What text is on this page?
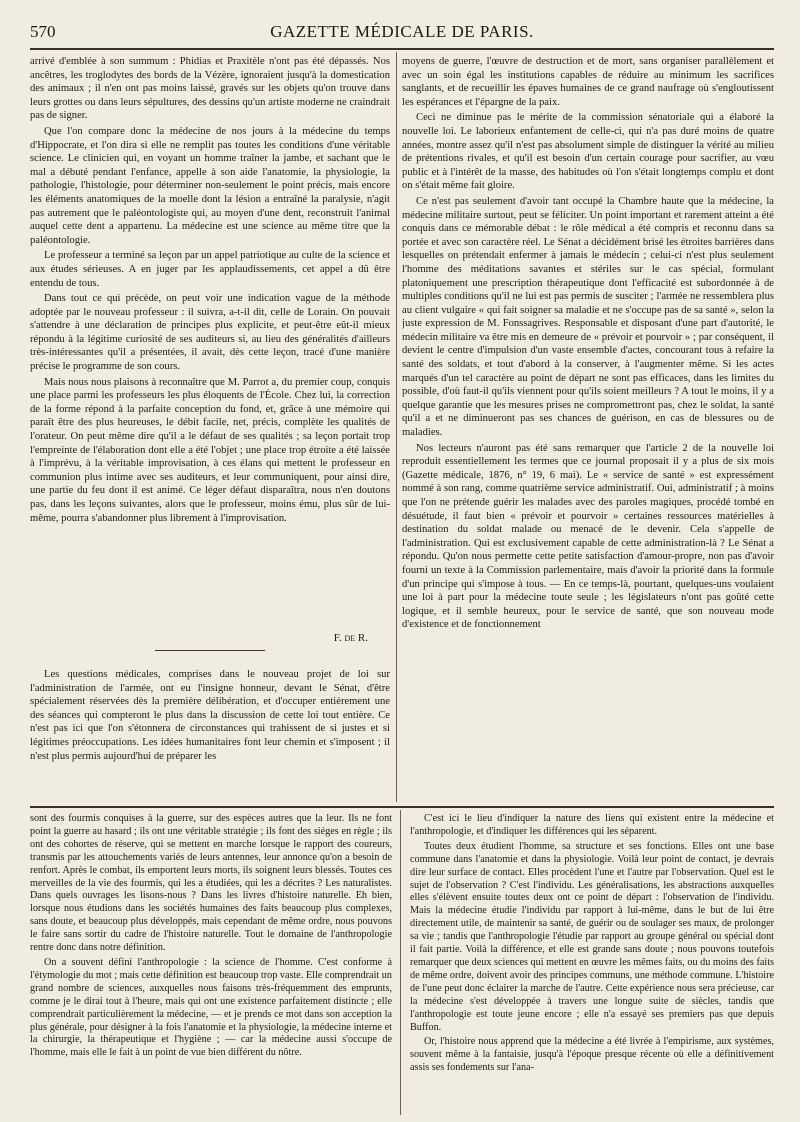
570	GAZETTE MÉDICALE DE PARIS.

arrivé d'emblée à son summum : Phidias et Praxitèle n'ont pas été dépassés. Nos ancêtres, les troglodytes des bords de la Vézère, ignoraient jusqu'à la domestication des animaux ; il n'en ont pas moins laissé, gravés sur les objets qu'on trouve dans leurs grottes ou dans leurs sépultures, des dessins qu'un artiste moderne ne craindrait pas de signer.

Que l'on compare donc la médecine de nos jours à la médecine du temps d'Hippocrate, et l'on dira si elle ne remplit pas toutes les conditions d'une véritable science. Le clinicien qui, en voyant un homme traîner la jambe, et sachant que le mal a débuté pendant l'enfance, appelle à son aide l'anatomie, la physiologie, la pathologie, l'histologie, pour déterminer non-seulement le point précis, mais encore les éléments anatomiques de la moelle dont la lésion a entraîné la paralysie, n'agit pas autrement que le paléontologiste qui, au moyen d'une dent, reconstruit l'animal auquel cette dent a appartenu. La médecine est une science au même titre que la paléontologie.

Le professeur a terminé sa leçon par un appel patriotique au culte de la science et aux études sérieuses. A en juger par les applaudissements, cet appel a dû être entendu de tous.

Dans tout ce qui précède, on peut voir une indication vague de la méthode adoptée par le nouveau professeur : il suivra, a-t-il dit, celle de Lorain. On pouvait s'attendre à une déclaration de principes plus explicite, et peut-être eût-il mieux répondu à la légitime curiosité de ses auditeurs si, au lieu des généralités d'ailleurs très-intéressantes qu'il a présentées, il avait, dès cette leçon, tracé d'une manière précise le programme de son cours.

Mais nous nous plaisons à reconnaître que M. Parrot a, du premier coup, conquis une place parmi les professeurs les plus éloquents de l'École. Chez lui, la correction de la forme répond à la parfaite conception du fond, et, grâce à une mémoire qui paraît être des plus heureuses, le débit facile, net, précis, complète les qualités de l'orateur. On peut même dire qu'il a le défaut de ses qualités ; sa leçon portait trop l'empreinte de l'élaboration dont elle a été l'objet ; une place trop étroite a été laissée à l'imprévu, à la véritable improvisation, à ces élans qui mettent le professeur en communion plus intime avec ses auditeurs, et leur communiquent, pour ainsi dire, une partie du feu dont il est animé. Ce léger défaut disparaîtra, nous n'en doutons pas, dans les leçons suivantes, alors que le professeur, moins ému, plus sûr de lui-même, pourra s'abandonner plus librement à l'improvisation.

F. de R.

Les questions médicales, comprises dans le nouveau projet de loi sur l'administration de l'armée, ont eu l'insigne honneur, devant le Sénat, d'être spécialement réservées dès la première délibération, et d'occuper entièrement une des séances qui compteront le plus dans la discussion de cette loi tout entière. Ce n'est pas ici que l'on s'étonnera de circonstances qui trahissent de si justes et si légitimes préoccupations. Les idées humanitaires font leur chemin et s'imposent ; il n'est plus permis aujourd'hui de préparer les

moyens de guerre, l'œuvre de destruction et de mort, sans organiser parallèlement et avec un soin égal les institutions capables de réduire au minimum les sacrifices sanglants, et de recueillir les épaves humaines de ce grand naufrage où s'engloutissent les espérances et l'épargne de la paix.

Ceci ne diminue pas le mérite de la commission sénatoriale qui a élaboré la nouvelle loi. Le laborieux enfantement de celle-ci, qui n'a pas duré moins de quatre années, montre assez qu'il n'est pas absolument simple de distinguer la vérité au milieu de prétentions rivales, et qu'il est besoin d'un certain courage pour sacrifier, au vœu public et à l'intérêt de la masse, des habitudes où l'on s'était longtemps complu et dont on s'était même fait gloire.

Ce n'est pas seulement d'avoir tant occupé la Chambre haute que la médecine, la médecine militaire surtout, peut se féliciter. Un point important et rarement atteint a été conquis dans ce mémorable débat : le rôle médical a été compris et reconnu dans sa portée et avec son caractère réel. Le Sénat a décidément brisé les étroites barrières dans lesquelles on prétendait enfermer à jamais le médecin ; celui-ci n'est plus seulement l'homme des méditations savantes et stériles sur le cas spécial, formulant platoniquement une prescription thérapeutique dont l'efficacité est subordonnée à de multiples conditions qu'il ne lui est pas permis de susciter ; l'armée ne ressemblera plus au client vulgaire « qui fait soigner sa maladie et ne s'occupe pas de sa santé », selon la juste expression de M. Fonssagrives. Responsable et disposant d'une part d'autorité, le médecin militaire va être mis en demeure de « prévoir et pourvoir » ; par conséquent, il devient le centre d'impulsion d'un vaste ensemble d'actes, concourant tous à refaire la santé des soldats, et tout d'abord à la conserver, à l'augmenter même. Si les actes marqués d'un tel caractère au point de départ ne sont pas efficaces, dans les limites du possible, d'où faut-il qu'ils viennent pour qu'ils soient meilleurs ? A tout le moins, il y a quelque garantie que les mesures prises ne compromettront pas, chez le soldat, la santé qu'il a et ne diminueront pas ses chances de guérison, en cas de blessures ou de maladies.

Nos lecteurs n'auront pas été sans remarquer que l'article 2 de la nouvelle loi reproduit essentiellement les termes que ce journal proposait il y a plus de six mois (Gazette médicale, 1876, n° 19, 6 mai). Le « service de santé » est expressément nommé à son rang, comme quatrième service administratif. Oui, administratif ; à moins que l'on ne prétende guérir les malades avec des paroles magiques, procédé tombé en désuétude, il faut bien « prévoir et pourvoir » certaines ressources matérielles à destination du soldat malade ou menacé de le devenir. Cela s'appelle de l'administration. Qui est exclusivement capable de cette administration-là ? Le Sénat a répondu. Qu'on nous permette cette petite satisfaction d'amour-propre, non pas d'avoir fourni un texte à la Commission parlementaire, mais d'avoir la priorité dans la formule d'un principe qui s'impose à tous. — En ce temps-là, pourtant, quelques-uns voulaient une loi à part pour la médecine toute seule ; les législateurs n'ont pas goûté cette logique, et il semble heureux, pour le service de santé, que son nouveau mode d'existence et de fonctionnement

sont des fourmis conquises à la guerre, sur des espèces autres que la leur. Ils ne font point la guerre au hasard ; ils ont une véritable stratégie ; ils font des siéges en règle ; ils ont des cohortes de réserve, qui se mettent en marche lorsque le rapport des coureurs, transmis par les attouchements variés de leurs antennes, leur annonce qu'on a besoin de renfort. Après le combat, ils emportent leurs morts, ils soignent leurs blessés. Toutes ces merveilles de la vie des fourmis, qui les a étudiées, qui les a décrites ? Les naturalistes. Dans quels ouvrages les lisons-nous ? Dans les livres d'histoire naturelle. Eh bien, lorsque nous étudions dans les sociétés humaines des faits beaucoup plus complexes, sans doute, et beaucoup plus développés, mais cependant de même ordre, nous pouvons le faire sans sortir du cadre de l'histoire naturelle. Tout le domaine de l'anthropologie rentre donc dans notre définition.

On a souvent défini l'anthropologie : la science de l'homme. C'est conforme à l'étymologie du mot ; mais cette définition est beaucoup trop vaste. Elle comprendrait un grand nombre de sciences, auxquelles nous faisons très-fréquemment des emprunts, comme je le dirai tout à l'heure, mais qui ont une existence parfaitement distincte ; elle comprendrait particulièrement la médecine, — et je prends ce mot dans son acception la plus générale, pour désigner à la fois l'anatomie et la physiologie, la médecine interne et la chirurgie, la thérapeutique et l'hygiène ; — car la médecine aussi s'occupe de l'homme, mais elle le fait à un point de vue bien différent du nôtre.

C'est ici le lieu d'indiquer la nature des liens qui existent entre la médecine et l'anthropologie, et d'indiquer les différences qui les séparent.

Toutes deux étudient l'homme, sa structure et ses fonctions. Elles ont une base commune dans l'anatomie et dans la physiologie. Voilà leur point de contact, je devrais dire leur surface de contact. Elles procèdent l'une et l'autre par l'observation. Quel est le sujet de l'observation ? C'est l'individu. Les généralisations, les abstractions auxquelles elles s'élèvent ensuite toutes deux ont ce point de départ : l'observation de l'individu. Mais la médecine étudie l'individu par rapport à lui-même, dans le but de lui être directement utile, de maintenir sa santé, de guérir ou de soulager ses maux, de prolonger sa vie ; tandis que l'anthropologie l'étudie par rapport au groupe général ou spécial dont il fait partie. Voilà la différence, et elle est grande sans doute ; nous pouvons toutefois remarquer que deux sciences qui mettent en œuvre les mêmes faits, ou du moins des faits de même ordre, doivent avoir des principes communs, une méthode commune. L'histoire de l'une peut donc éclairer la marche de l'autre. Cette expérience nous sera précieuse, car la médecine s'est développée à travers une longue suite de siècles, tandis que l'anthropologie est toute jeune encore ; elle n'a essayé ses premiers pas que depuis Buffon.

Or, l'histoire nous apprend que la médecine a été livrée à l'empirisme, aux systèmes, souvent même à la fantaisie, jusqu'à l'époque presque récente où elle a définitivement assis ses fondements sur l'ana-
